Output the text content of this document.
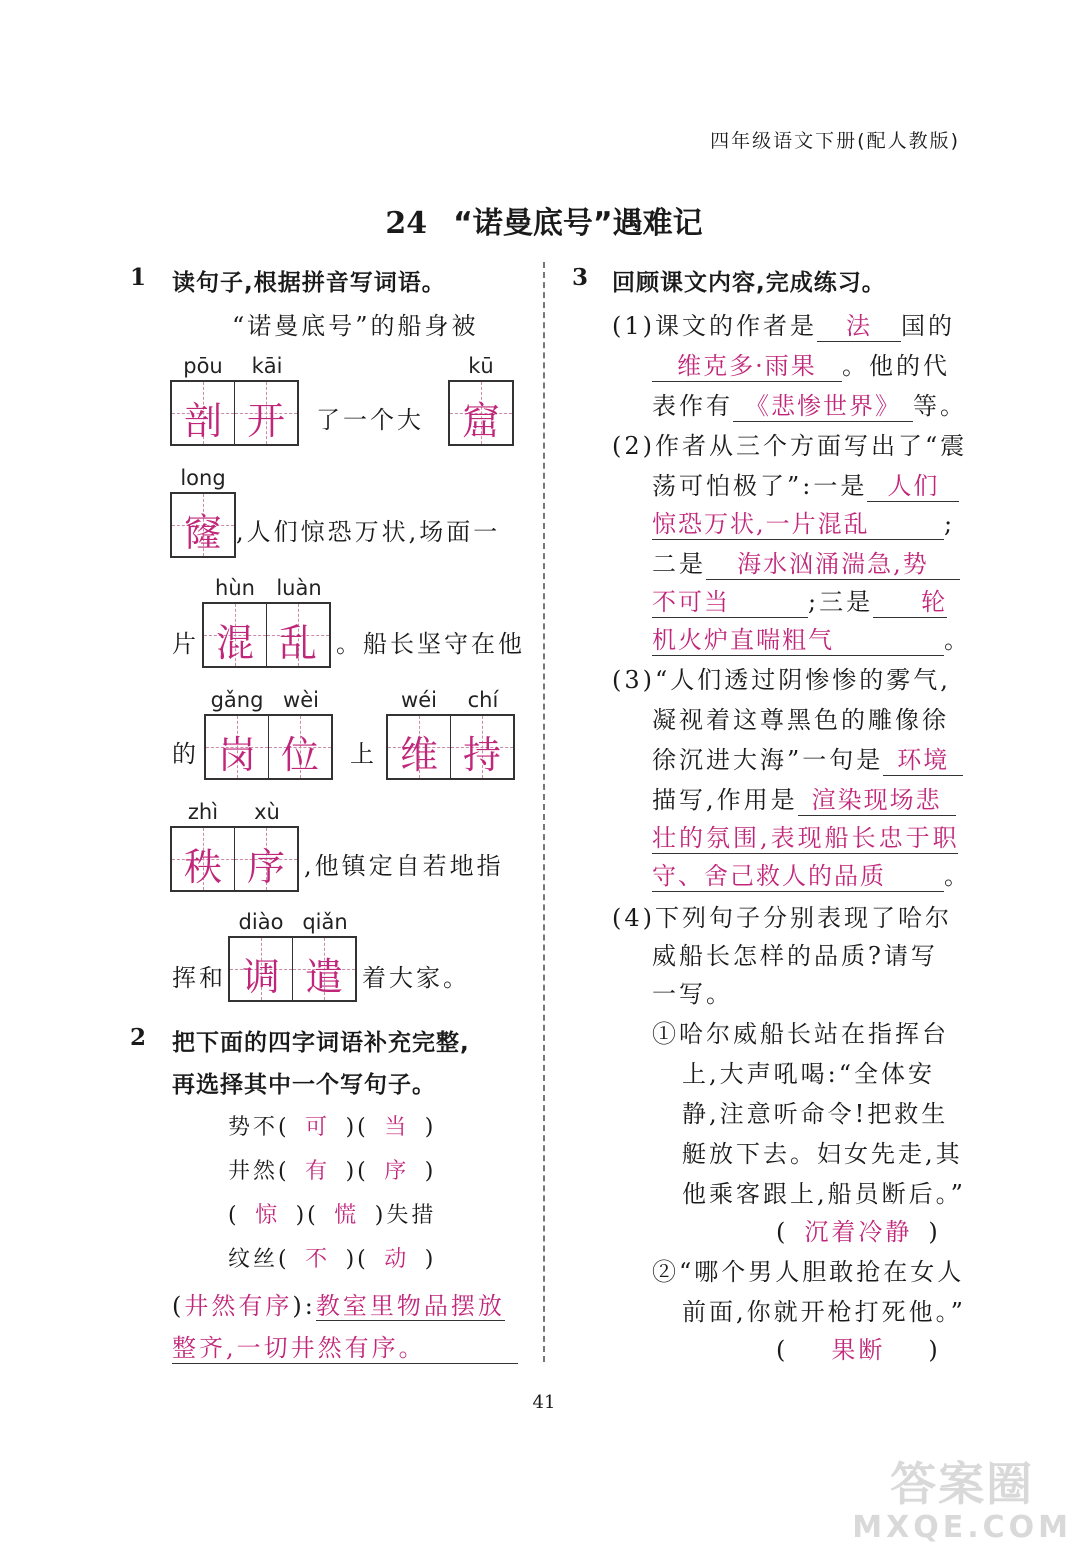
四年级语文下册(配人教版)
24 “诺曼底号”遇难记
1 读句子,根据拼音写词语。
“诺曼底号”的船身被
pōu	kāi
剖 开	了一个大
kū
窟
long
窿 ,人们惊恐万状,场面一
片
hùn	luàn
混 乱 。船长坚守在他
的
gǎng wèi
岗 位	上
wéi	chí
维 持
zhì	xù
秩 序 ,他镇定自若地指
挥和
diào qiǎn
调 遣 着大家。
2 把下面的四字词语补充完整,
再选择其中一个写句子。
势不( 可 )( 当 )
井然( 有 )( 序 )
( 惊 )( 慌 )失措
纹丝( 不 )( 动 )
(井然有序):教室里物品摆放
整齐,一切井然有序。
3 回顾课文内容,完成练习。
(1)课文的作者是 法 国的
维克多·雨果 。他的代
表作有 《悲惨世界》 等。
(2)作者从三个方面写出了“震
荡可怕极了”:一是 人们
惊恐万状,一片混乱	;
二是 海水汹涌湍急,势
不可当	;三是 轮
机火炉直喘粗气	。
(3)“人们透过阴惨惨的雾气,
凝视着这尊黑色的雕像徐
徐沉进大海”一句是 环境
描写,作用是 渲染现场悲
壮的氛围,表现船长忠于职
守、舍己救人的品质 。
(4)下列句子分别表现了哈尔
威船长怎样的品质?请写
一写。
①哈尔威船长站在指挥台
上,大声吼喝:“全体安
静,注意听命令!把救生
艇放下去。妇女先走,其
他乘客跟上,船员断后。”
( 沉着冷静 )
②“哪个男人胆敢抢在女人
前面,你就开枪打死他。”
( 果断 )
41
答案圈
MXQE.COM
